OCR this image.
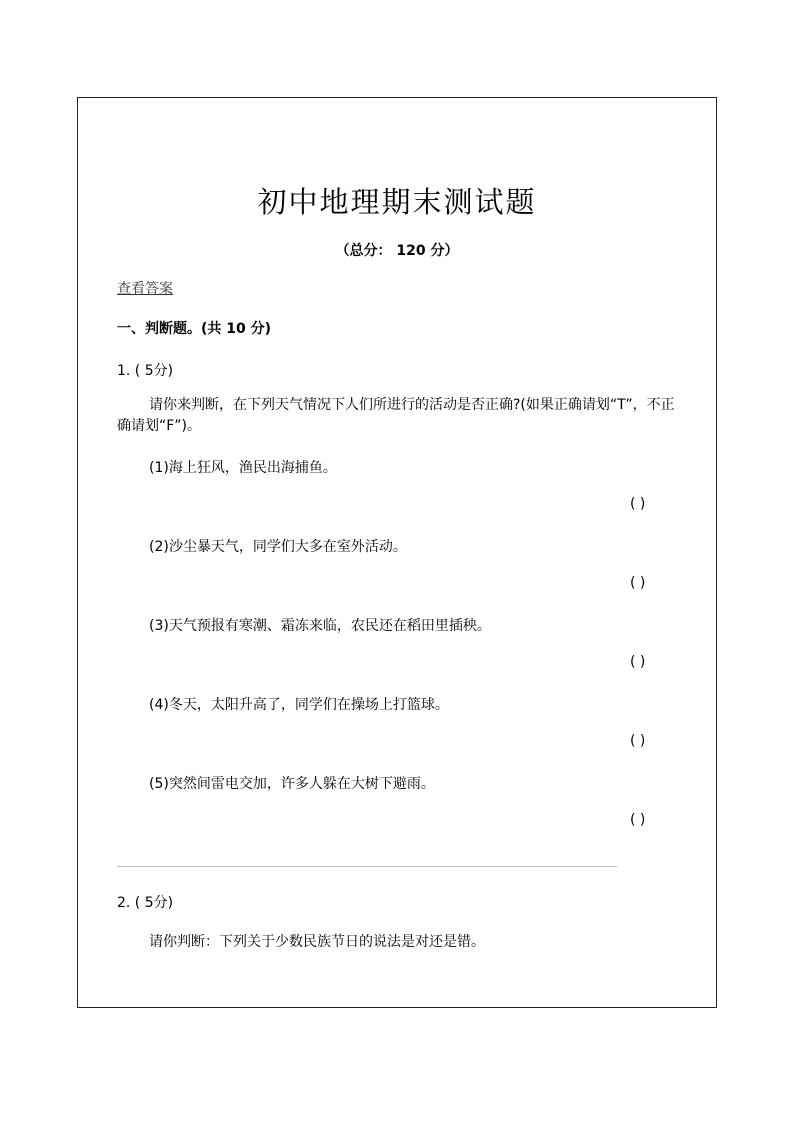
初中地理期末测试题
（总分： 120 分）
查看答案
一、判断题。(共 10 分)
1. ( 5分)
请你来判断，在下列天气情况下人们所进行的活动是否正确?(如果正确请划“T”，不正确请划“F”)。
(1)海上狂风，渔民出海捕鱼。
( )
(2)沙尘暴天气，同学们大多在室外活动。
( )
(3)天气预报有寒潮、霜冻来临，农民还在稻田里插秧。
( )
(4)冬天，太阳升高了，同学们在操场上打篮球。
( )
(5)突然间雷电交加，许多人躲在大树下避雨。
( )
2. ( 5分)
请你判断：下列关于少数民族节日的说法是对还是错。
